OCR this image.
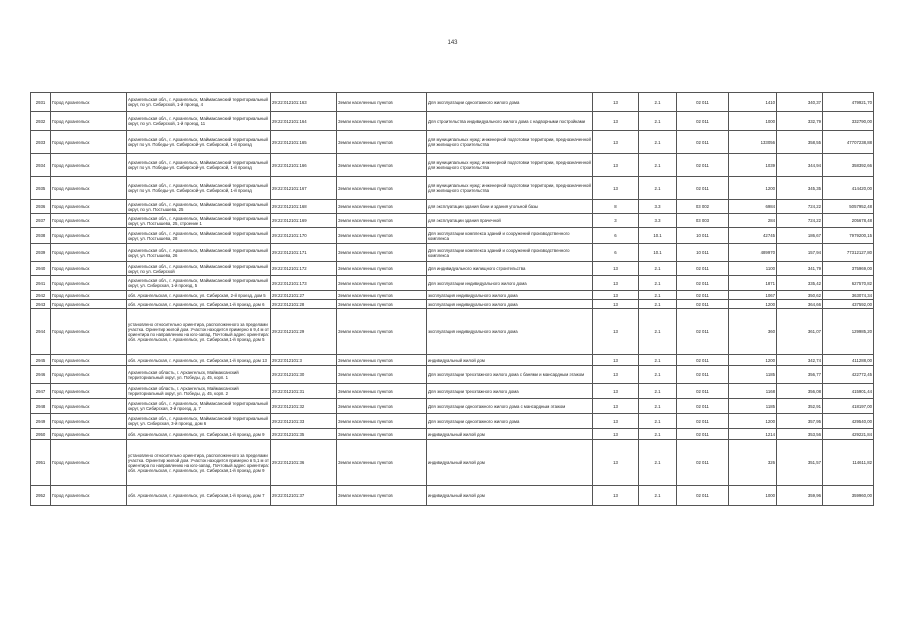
143
2931	Город Архангельск	Архангельская обл., г. Архангельск, Маймаксанский территориальный округ, по ул. Сибирской, 1-й проезд, 4	29:22:012101:163	Земли населенных пунктов	Для эксплуатации одноэтажного жилого дома	13	2.1	02 011	1410	340,37	479921,70
2932	Город Архангельск	Архангельская обл., г. Архангельск, Маймаксанский территориальный округ, по ул. Сибирской, 1-й проезд, 11	29:22:012101:164	Земли населенных пунктов	Для строительства индивидуального жилого дома с надворными постройками	13	2.1	02 011	1000	332,79	332790,00
2933	Город Архангельск	Архангельская обл., г. Архангельск, Маймаксанский территориальный округ по ул. Победы-ул. Сибирской-ул. Сибирской, 1-й проезд	29:22:012101:165	Земли населенных пунктов	для муниципальных нужд: инженерной подготовки территории, предназначенной для жилищного строительства	13	2.1	02 011	133056	358,55	47707238,88
2934	Город Архангельск	Архангельская обл., г. Архангельск, Маймаксанский территориальный округ по ул. Победы-ул. Сибирской-ул. Сибирской, 1-й проезд	29:22:012101:166	Земли населенных пунктов	для муниципальных нужд: инженерной подготовки территории, предназначенной для жилищного строительства	13	2.1	02 011	1039	344,94	358392,66
2935	Город Архангельск	Архангельская обл., г. Архангельск, Маймаксанский территориальный округ по ул. Победы-ул. Сибирской-ул. Сибирской, 1-й проезд	29:22:012101:167	Земли населенных пунктов	для муниципальных нужд: инженерной подготовки территории, предназначенной для жилищного строительства	13	2.1	02 011	1200	345,35	414420,00
2936	Город Архангельск	Архангельская обл., г. Архангельск, Маймаксанский территориальный округ, по ул. Постышева, 25	29:22:012101:168	Земли населенных пунктов	для эксплуатации здания бани и здания угольной базы	8	3.3	03 002	6984	724,22	5057952,48
2937	Город Архангельск	Архангельская обл., г. Архангельск, Маймаксанский территориальный округ, ул. Постышева, 25, строение 1	29:22:012101:169	Земли населенных пунктов	для эксплуатации здания прачечной	3	3.3	03 003	284	724,22	205678,48
2938	Город Архангельск	Архангельская обл., г. Архангельск, Маймаксанский территориальный округ, ул. Постышева, 28	29:22:012101:170	Земли населенных пунктов	Для эксплуатации комплекса зданий и сооружений производственного комплекса	6	10.1	10 011	42745	186,67	7979200,15
2939	Город Архангельск	Архангельская обл., г. Архангельск, Маймаксанский территориальный округ, ул. Постышева, 26	29:22:012101:171	Земли населенных пунктов	Для эксплуатации комплекса зданий и сооружений производственного комплекса	6	10.1	10 011	489970	157,94	77312127,80
2940	Город Архангельск	Архангельская обл., г. Архангельск, Маймаксанский территориальный округ, по ул. Сибирской	29:22:012101:172	Земли населенных пунктов	Для индивидуального жилищного строительства	13	2.1	02 011	1100	341,79	375969,00
2941	Город Архангельск	Архангельская обл., г. Архангельск, Маймаксанский территориальный округ, ул. Сибирская, 1-й проезд, 5	29:22:012101:173	Земли населенных пунктов	Для эксплуатации индивидуального жилого дома	13	2.1	02 011	1871	335,42	627570,82
2942	Город Архангельск	обл. Архангельская, г. Архангельск, ул. Сибирская, 2-й проезд, дом 5	29:22:012101:27	Земли населенных пунктов	эксплуатация индивидуального жилого дома	13	2.1	02 011	1067	350,62	363074,34
2943	Город Архангельск	обл. Архангельская, г. Архангельск, ул. Сибирская,1-й проезд, дом 6	29:22:012101:28	Земли населенных пунктов	эксплуатация индивидуального жилого дома	13	2.1	02 011	1200	364,66	437592,00
2944	Город Архангельск	установлено относительно ориентира, расположенного за пределами участка. Ориентир жилой дом. Участок находится примерно в 9,4 м от ориентира по направлению на юго-запад. Почтовый адрес ориентира: обл. Архангельская, г. Архангельск, ул. Сибирская,1-й проезд, дом 5	29:22:012101:29	Земли населенных пунктов	эксплуатация индивидуального жилого дома	13	2.1	02 011	360	361,07	129985,20
2945	Город Архангельск	обл. Архангельская, г. Архангельск, ул. Сибирская,1-й проезд, дом 13	29:22:012101:3	Земли населенных пунктов	индивидуальный жилой дом	13	2.1	02 011	1200	342,74	411288,00
2946	Город Архангельск	Архангельская область, г. Архангельск, Маймаксанский территориальный округ, ул. Победы, д. 45, корп. 1	29:22:012101:30	Земли населенных пунктов	Для эксплуатации трехэтажного жилого дома с банями и мансардным этажом	13	2.1	02 011	1185	356,77	422772,45
2947	Город Архангельск	Архангельская область, г. Архангельск, Маймаксанский территориальный округ, ул. Победы, д. 45, корп. 2	29:22:012101:31	Земли населенных пунктов	Для эксплуатации трехэтажного жилого дома	13	2.1	02 011	1168	356,08	415901,44
2948	Город Архангельск	Архангельская обл., г. Архангельск, Маймаксанский территориальный округ, ул Сибирская, 3-й проезд, д. 7	29:22:012101:32	Земли населенных пунктов	Для эксплуатации одноэтажного жилого дома с мансардным этажом	13	2.1	02 011	1185	352,91	418197,00
2949	Город Архангельск	Архангельская обл., г. Архангельск, Маймаксанский территориальный округ, ул. Сибирская, 3-й проезд, дом 6	29:22:012101:33	Земли населенных пунктов	Для эксплуатации одноэтажного жилого дома	13	2.1	02 011	1200	357,95	429540,00
2950	Город Архангельск	обл. Архангельская, г. Архангельск, ул. Сибирская,1-й проезд, дом 9	29:22:012101:35	Земли населенных пунктов	индивидуальный жилой дом	13	2.1	02 011	1214	353,56	429221,84
2951	Город Архангельск	установлено относительно ориентира, расположенного за пределами участка. Ориентир жилой дом. Участок находится примерно в 5,1 м от ориентира по направлению на юго-запад. Почтовый адрес ориентира: обл. Архангельская, г. Архангельск, ул. Сибирская,1-й проезд, дом 9	29:22:012101:36	Земли населенных пунктов	индивидуальный жилой дом	13	2.1	02 011	326	351,57	114611,82
2952	Город Архангельск	обл. Архангельская, г. Архангельск, ул. Сибирская,1-й проезд, дом 7	29:22:012101:37	Земли населенных пунктов	индивидуальный жилой дом	13	2.1	02 011	1000	359,96	359960,00
